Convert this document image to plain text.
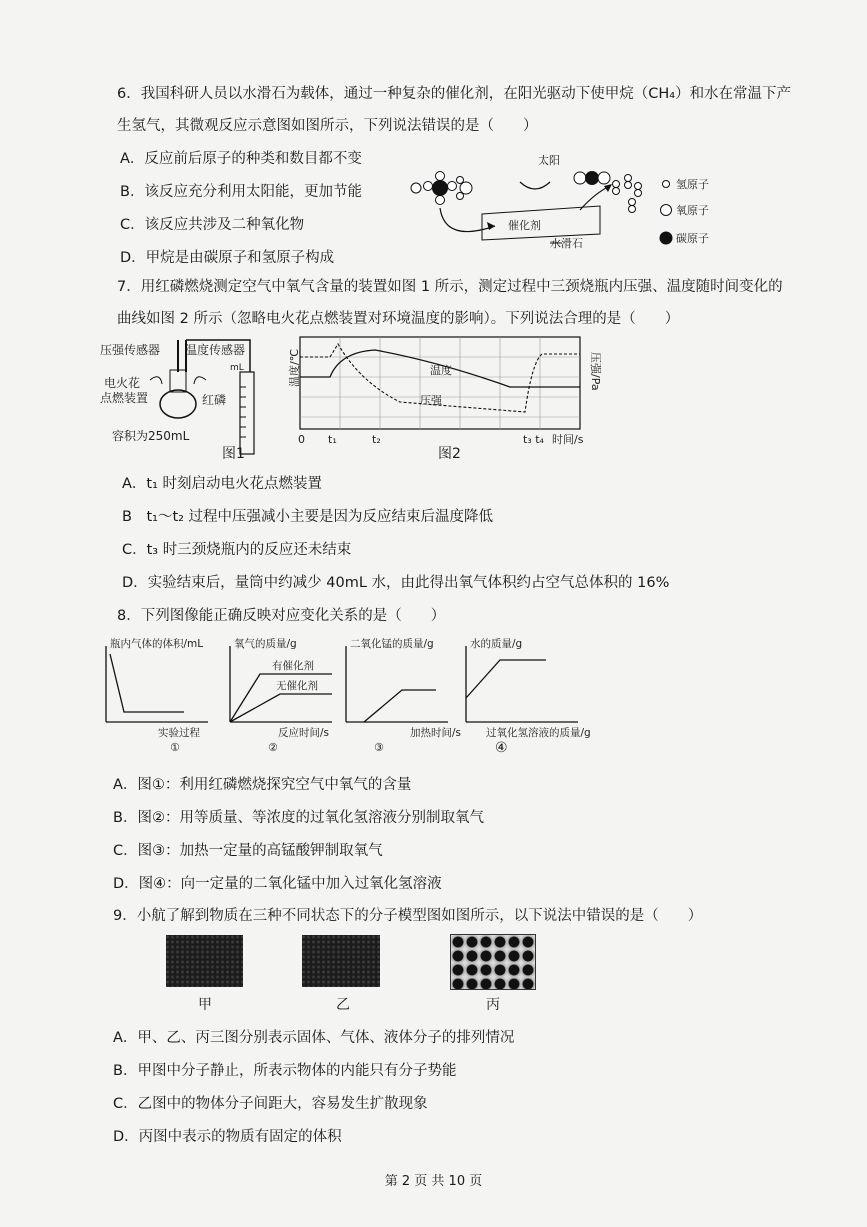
6．我国科研人员以水滑石为载体，通过一种复杂的催化剂，在阳光驱动下使甲烷（CH₄）和水在常温下产
生氢气，其微观反应示意图如图所示，下列说法错误的是（　　）
A．反应前后原子的种类和数目都不变
B．该反应充分利用太阳能，更加节能
C．该反应共涉及二种氧化物
D．甲烷是由碳原子和氢原子构成
太阳
催化剂
水滑石
氢原子
氧原子
碳原子
7．用红磷燃烧测定空气中氧气含量的装置如图 1 所示，测定过程中三颈烧瓶内压强、温度随时间变化的
曲线如图 2 所示（忽略电火花点燃装置对环境温度的影响）。下列说法合理的是（　　）
压强传感器 温度传感器
电火花
点燃装置	红磷
容积为250mL
mL
图1
温度/℃	压强/Pa
温度
压强
0 t₁	t₂	t₃ t₄ 时间/s
图2
A．t₁ 时刻启动电火花点燃装置
B　t₁～t₂ 过程中压强减小主要是因为反应结束后温度降低
C．t₃ 时三颈烧瓶内的反应还未结束
D．实验结束后，量筒中约减少 40mL 水，由此得出氧气体积约占空气总体积的 16%
8．下列图像能正确反映对应变化关系的是（　　）
瓶内气体的体积/mL
实验过程
①
氧气的质量/g
有催化剂
无催化剂
反应时间/s
②
二氧化锰的质量/g
加热时间/s
③
水的质量/g
过氧化氢溶液的质量/g
④
A．图①：利用红磷燃烧探究空气中氧气的含量
B．图②：用等质量、等浓度的过氧化氢溶液分别制取氧气
C．图③：加热一定量的高锰酸钾制取氧气
D．图④：向一定量的二氧化锰中加入过氧化氢溶液
9．小航了解到物质在三种不同状态下的分子模型图如图所示，以下说法中错误的是（　　）
甲	乙	丙
A．甲、乙、丙三图分别表示固体、气体、液体分子的排列情况
B．甲图中分子静止，所表示物体的内能只有分子势能
C．乙图中的物体分子间距大，容易发生扩散现象
D．丙图中表示的物质有固定的体积
第 2 页 共 10 页
